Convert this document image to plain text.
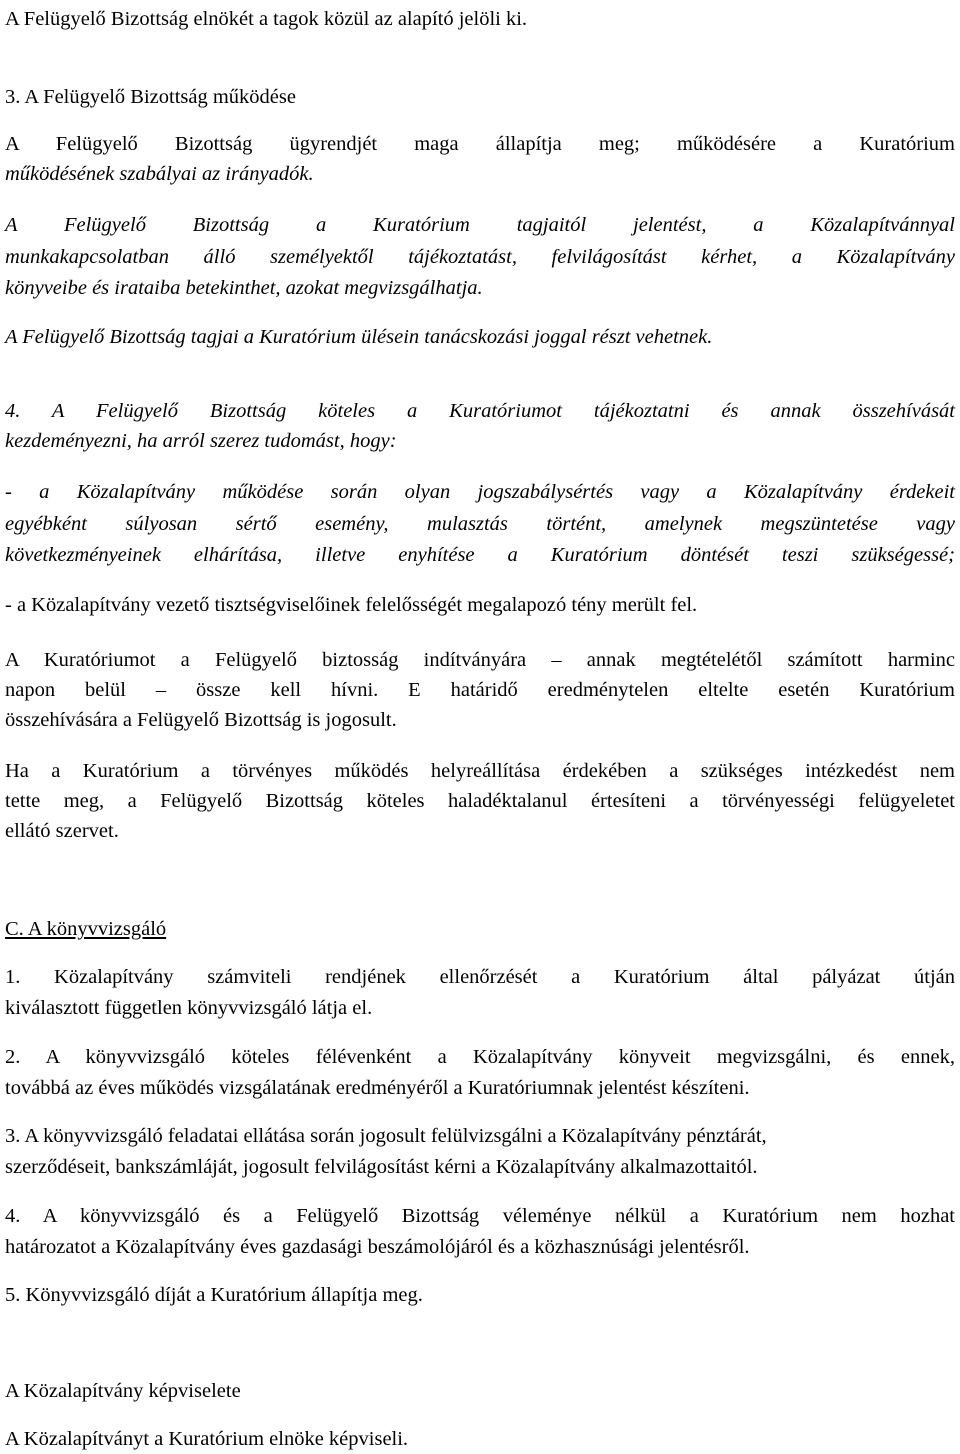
A Felügyelő Bizottság elnökét a tagok közül az alapító jelöli ki.
3. A Felügyelő Bizottság működése
A Felügyelő Bizottság ügyrendjét maga állapítja meg; működésére a Kuratórium
működésének szabályai az irányadók.
A Felügyelő Bizottság a Kuratórium tagjaitól jelentést, a Közalapítvánnyal
munkakapcsolatban álló személyektől tájékoztatást, felvilágosítást kérhet, a Közalapítvány
könyveibe és irataiba betekinthet, azokat megvizsgálhatja.
A Felügyelő Bizottság tagjai a Kuratórium ülésein tanácskozási joggal részt vehetnek.
4. A Felügyelő Bizottság köteles a Kuratóriumot tájékoztatni és annak összehívását
kezdeményezni, ha arról szerez tudomást, hogy:
- a Közalapítvány működése során olyan jogszabálysértés vagy a Közalapítvány érdekeit
egyébként súlyosan sértő esemény, mulasztás történt, amelynek megszüntetése vagy
következményeinek elhárítása, illetve enyhítése a Kuratórium döntését teszi szükségessé;
- a Közalapítvány vezető tisztségviselőinek felelősségét megalapozó tény merült fel.
A Kuratóriumot a Felügyelő biztosság indítványára – annak megtételétől számított harminc
napon belül – össze kell hívni. E határidő eredménytelen eltelte esetén Kuratórium
összehívására a Felügyelő Bizottság is jogosult.
Ha a Kuratórium a törvényes működés helyreállítása érdekében a szükséges intézkedést nem
tette meg, a Felügyelő Bizottság köteles haladéktalanul értesíteni a törvényességi felügyeletet
ellátó szervet.
C. A könyvvizsgáló
1. Közalapítvány számviteli rendjének ellenőrzését a Kuratórium által pályázat útján
kiválasztott független könyvvizsgáló látja el.
2. A könyvvizsgáló köteles félévenként a Közalapítvány könyveit megvizsgálni, és ennek,
továbbá az éves működés vizsgálatának eredményéről a Kuratóriumnak jelentést készíteni.
3. A könyvvizsgáló feladatai ellátása során jogosult felülvizsgálni a Közalapítvány pénztárát,
szerződéseit, bankszámláját, jogosult felvilágosítást kérni a Közalapítvány alkalmazottaitól.
4. A könyvvizsgáló és a Felügyelő Bizottság véleménye nélkül a Kuratórium nem hozhat
határozatot a Közalapítvány éves gazdasági beszámolójáról és a közhasznúsági jelentésről.
5. Könyvvizsgáló díját a Kuratórium állapítja meg.
A Közalapítvány képviselete
A Közalapítványt a Kuratórium elnöke képviseli.
